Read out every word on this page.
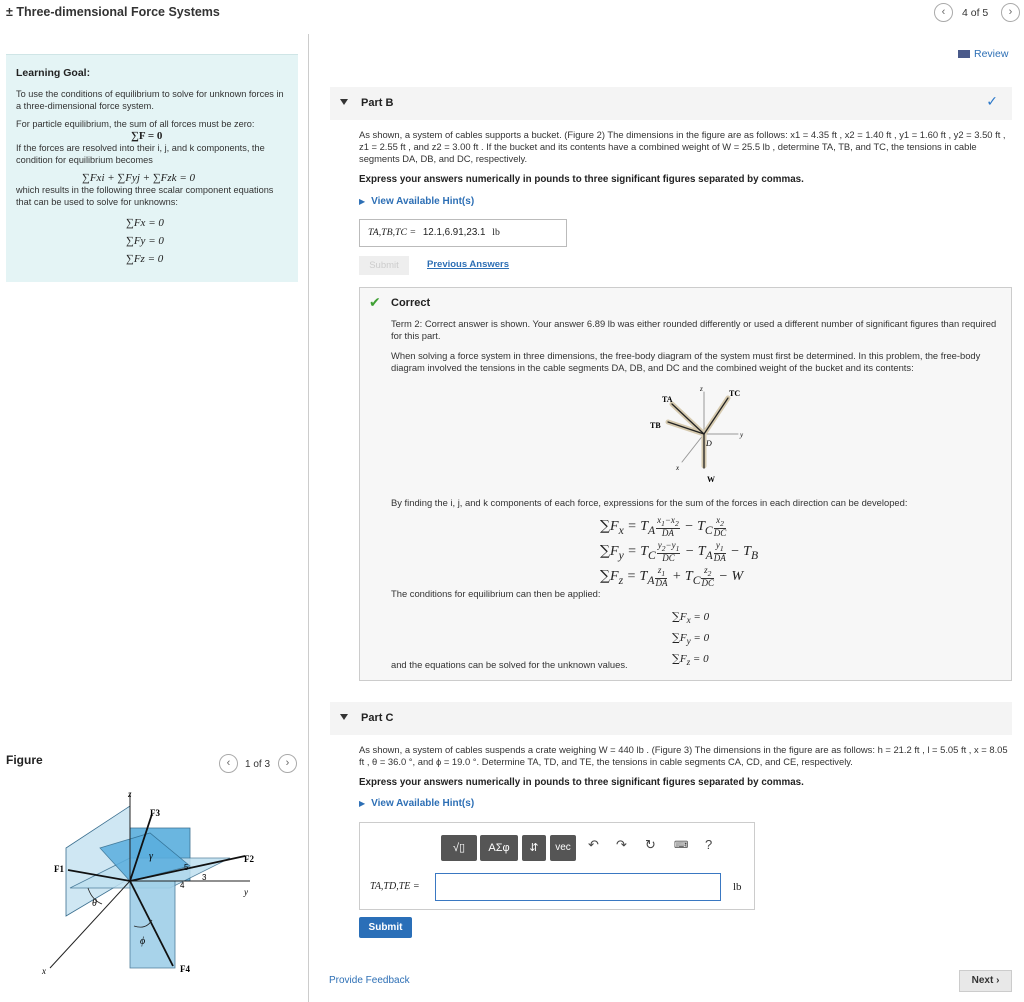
± Three-dimensional Force Systems	‹	4 of 5	›
Learning Goal:

To use the conditions of equilibrium to solve for unknown forces in a three-dimensional force system.

For particle equilibrium, the sum of all forces must be zero:

∑F = 0

If the forces are resolved into their i, j, and k components, the condition for equilibrium becomes

∑Fxi + ∑Fyj + ∑Fzk = 0

which results in the following three scalar component equations that can be used to solve for unknowns:

∑Fx = 0
∑Fy = 0
∑Fz = 0
Review
Part B	✓
As shown, a system of cables supports a bucket. (Figure 2) The dimensions in the figure are as follows: x1 = 4.35 ft , x2 = 1.40 ft , y1 = 1.60 ft , y2 = 3.50 ft , z1 = 2.55 ft , and z2 = 3.00 ft . If the bucket and its contents have a combined weight of W = 25.5 lb , determine TA, TB, and TC, the tensions in cable segments DA, DB, and DC, respectively.
Express your answers numerically in pounds to three significant figures separated by commas.
▶ View Available Hint(s)
TA,TB,TC = 12.1,6.91,23.1 lb
Submit	Previous Answers
✔ Correct
Term 2: Correct answer is shown. Your answer 6.89 lb was either rounded differently or used a different number of significant figures than required for this part.
When solving a force system in three dimensions, the free-body diagram of the system must first be determined. In this problem, the free-body diagram involved the tensions in the cable segments DA, DB, and DC and the combined weight of the bucket and its contents:
TA
TB
TC
z
y
x
D
W
By finding the i, j, and k components of each force, expressions for the sum of the forces in each direction can be developed:
$\sum F_x = T_A \frac{x_1-x_2}{DA} - T_C \frac{x_2}{DC}$
$\sum F_y = T_C \frac{y_2-y_1}{DC} - T_A \frac{y_1}{DA} - T_B$
$\sum F_z = T_A \frac{z_1}{DA} + T_C \frac{z_2}{DC} - W$
The conditions for equilibrium can then be applied:
$\sum F_x = 0$
$\sum F_y = 0$
$\sum F_z = 0$
and the equations can be solved for the unknown values.
Part C
As shown, a system of cables suspends a crate weighing W = 440 lb . (Figure 3) The dimensions in the figure are as follows: h = 21.2 ft , l = 5.05 ft , x = 8.05 ft , θ = 36.0 °, and ϕ = 19.0 °. Determine TA, TD, and TE, the tensions in cable segments CA, CD, and CE, respectively.
Express your answers numerically in pounds to three significant figures separated by commas.
▶ View Available Hint(s)
√▯	AΣφ	⇵	vec	↶ ↷ ↻ ⌨ ?
TA,TD,TE =	lb
Submit
Figure	‹	1 of 3	›
z
y
x
F1
F2
F3
F4
θ
ϕ
γ
5
4
3
Provide Feedback	Next ›
